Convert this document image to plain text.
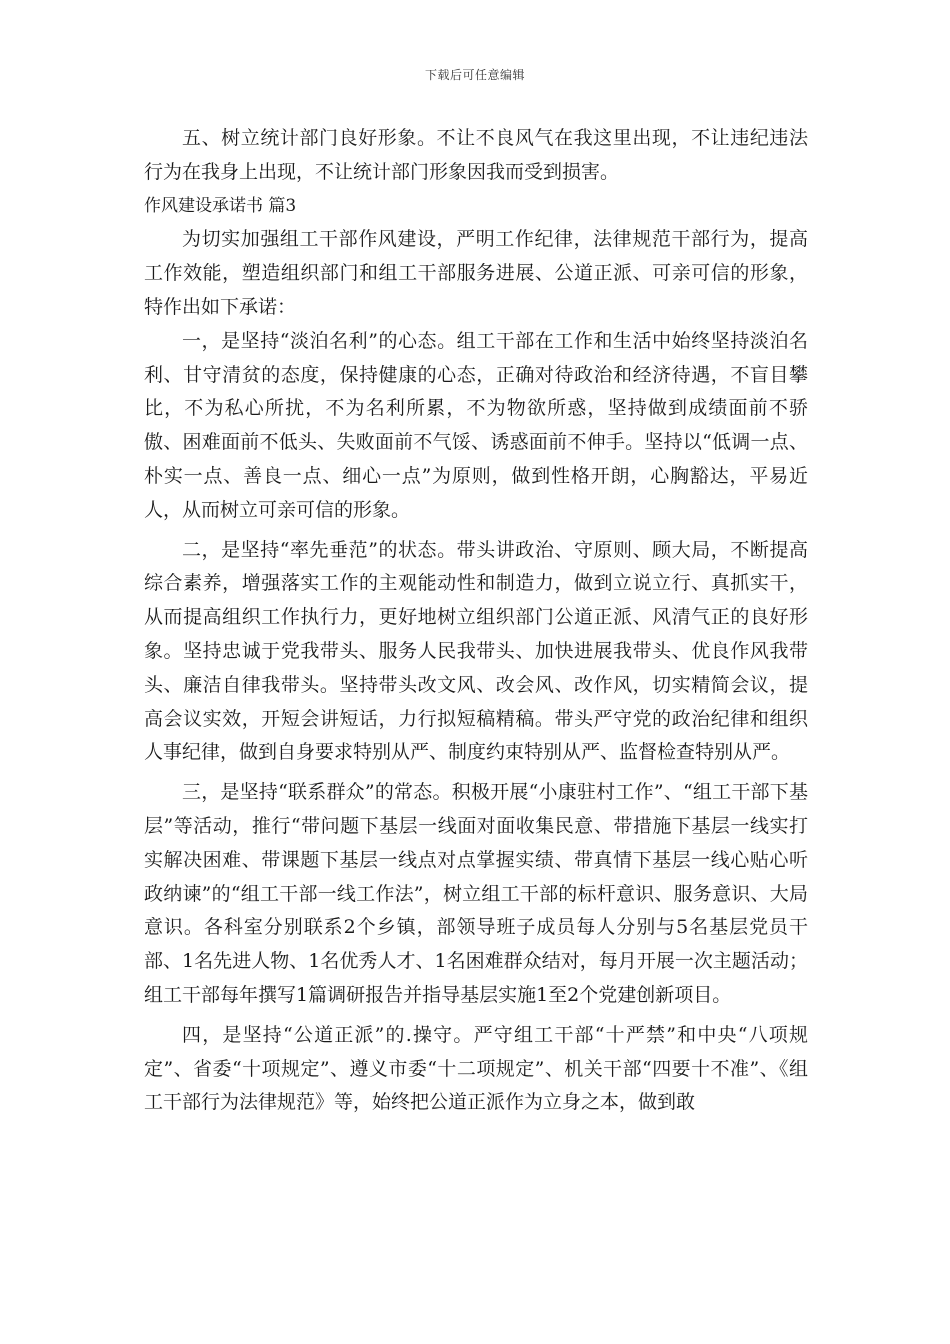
下载后可任意编辑

五、树立统计部门良好形象。不让不良风气在我这里出现，不让违纪违法行为在我身上出现，不让统计部门形象因我而受到损害。

作风建设承诺书 篇3

为切实加强组工干部作风建设，严明工作纪律，法律规范干部行为，提高工作效能，塑造组织部门和组工干部服务进展、公道正派、可亲可信的形象，特作出如下承诺：

一，是坚持“淡泊名利”的心态。组工干部在工作和生活中始终坚持淡泊名利、甘守清贫的态度，保持健康的心态，正确对待政治和经济待遇，不盲目攀比，不为私心所扰，不为名利所累，不为物欲所惑，坚持做到成绩面前不骄傲、困难面前不低头、失败面前不气馁、诱惑面前不伸手。坚持以“低调一点、朴实一点、善良一点、细心一点”为原则，做到性格开朗，心胸豁达，平易近人，从而树立可亲可信的形象。

二，是坚持“率先垂范”的状态。带头讲政治、守原则、顾大局，不断提高综合素养，增强落实工作的主观能动性和制造力，做到立说立行、真抓实干，从而提高组织工作执行力，更好地树立组织部门公道正派、风清气正的良好形象。坚持忠诚于党我带头、服务人民我带头、加快进展我带头、优良作风我带头、廉洁自律我带头。坚持带头改文风、改会风、改作风，切实精简会议，提高会议实效，开短会讲短话，力行拟短稿精稿。带头严守党的政治纪律和组织人事纪律，做到自身要求特别从严、制度约束特别从严、监督检查特别从严。

三，是坚持“联系群众”的常态。积极开展“小康驻村工作”、“组工干部下基层”等活动，推行“带问题下基层一线面对面收集民意、带措施下基层一线实打实解决困难、带课题下基层一线点对点掌握实绩、带真情下基层一线心贴心听政纳谏”的“组工干部一线工作法”，树立组工干部的标杆意识、服务意识、大局意识。各科室分别联系2个乡镇，部领导班子成员每人分别与5名基层党员干部、1名先进人物、1名优秀人才、1名困难群众结对，每月开展一次主题活动；组工干部每年撰写1篇调研报告并指导基层实施1至2个党建创新项目。

四，是坚持“公道正派”的.操守。严守组工干部“十严禁”和中央“八项规定”、省委“十项规定”、遵义市委“十二项规定”、机关干部“四要十不准”、《组工干部行为法律规范》等，始终把公道正派作为立身之本，做到敢
